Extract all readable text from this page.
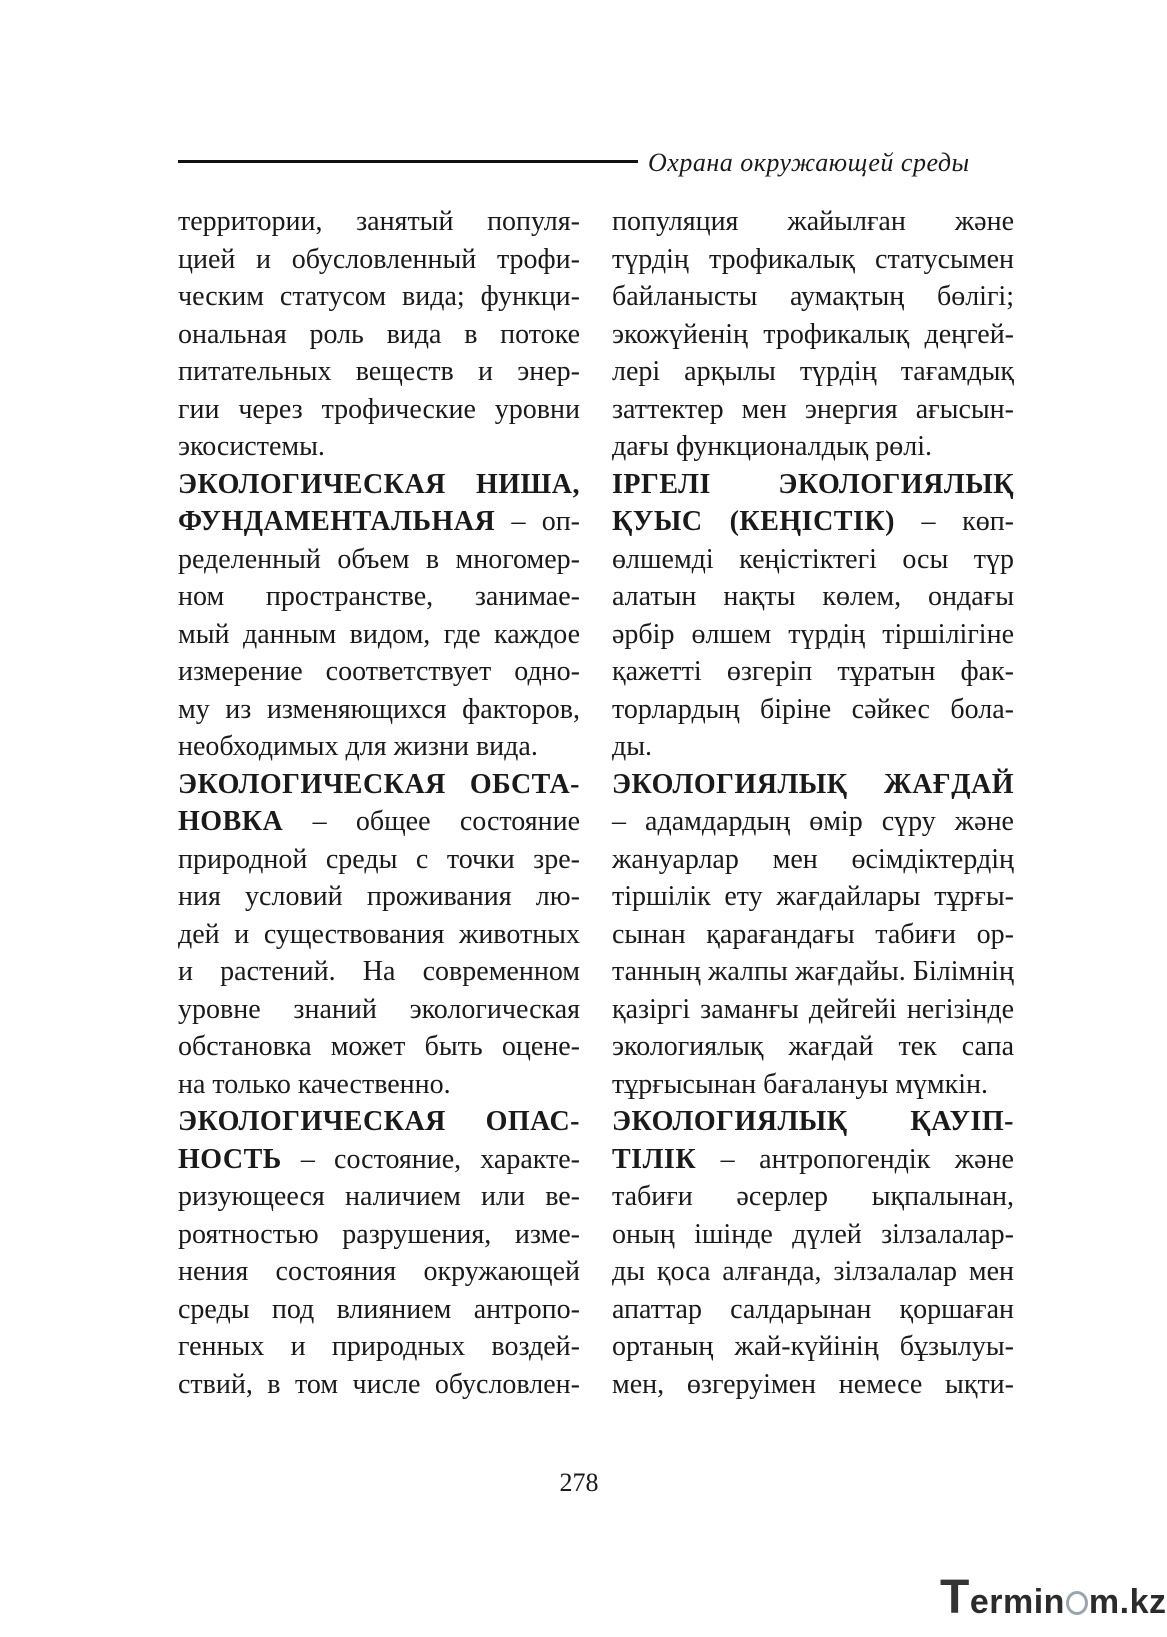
Охрана окружающей среды
территории, занятый популя-
цией и обусловленный трофи-
ческим статусом вида; функци-
ональная роль вида в потоке
питательных веществ и энер-
гии через трофические уровни
экосистемы.
ЭКОЛОГИЧЕСКАЯ НИША,
ФУНДАМЕНТАЛЬНАЯ – оп-
ределенный объем в многомер-
ном пространстве, занимае-
мый данным видом, где каждое
измерение соответствует одно-
му из изменяющихся факторов,
необходимых для жизни вида.
ЭКОЛОГИЧЕСКАЯ ОБСТА-
НОВКА – общее состояние
природной среды с точки зре-
ния условий проживания лю-
дей и существования животных
и растений. На современном
уровне знаний экологическая
обстановка может быть оцене-
на только качественно.
ЭКОЛОГИЧЕСКАЯ ОПАС-
НОСТЬ – состояние, характе-
ризующееся наличием или ве-
роятностью разрушения, изме-
нения состояния окружающей
среды под влиянием антропо-
генных и природных воздей-
ствий, в том числе обусловлен-
популяция жайылған және
түрдің трофикалық статусымен
байланысты аумақтың бөлігі;
экожүйенің трофикалық деңгей-
лері арқылы түрдің тағамдық
заттектер мен энергия ағысын-
дағы функционалдық рөлі.
ІРГЕЛІ ЭКОЛОГИЯЛЫҚ
ҚУЫС (КЕҢІСТІК) – көп-
өлшемді кеңістіктегі осы түр
алатын нақты көлем, ондағы
әрбір өлшем түрдің тіршілігіне
қажетті өзгеріп тұратын фак-
торлардың біріне сәйкес бола-
ды.
ЭКОЛОГИЯЛЫҚ ЖАҒДАЙ
– адамдардың өмір сүру және
жануарлар мен өсімдіктердің
тіршілік ету жағдайлары тұрғы-
сынан қарағандағы табиғи ор-
танның жалпы жағдайы. Білімнің
қазіргі заманғы дейгейі негізінде
экологиялық жағдай тек сапа
тұрғысынан бағалануы мүмкін.
ЭКОЛОГИЯЛЫҚ ҚАУІП-
ТІЛІК – антропогендік және
табиғи әсерлер ықпалынан,
оның ішінде дүлей зілзалалар-
ды қоса алғанда, зілзалалар мен
апаттар салдарынан қоршаған
ортаның жай-күйінің бұзылуы-
мен, өзгеруімен немесе ықти-
278
Termin m.kz
